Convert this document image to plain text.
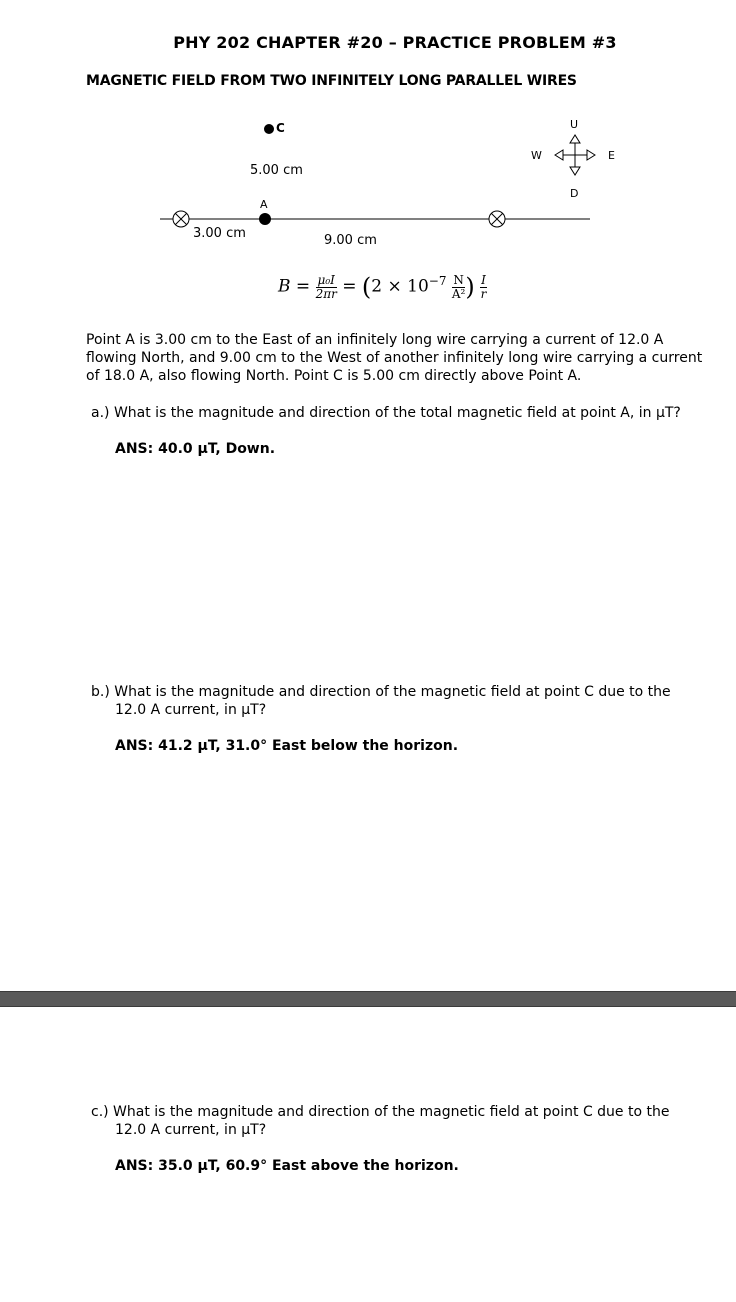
PHY 202 CHAPTER #20 – PRACTICE PROBLEM #3
MAGNETIC FIELD FROM TWO INFINITELY LONG PARALLEL WIRES
C
5.00 cm
A
3.00 cm	9.00 cm
U
D
W	E
$B = \frac{\text{μ₀I}}{2\pi r} = (2 \times 10^{-7} \frac{N}{\text{A²}}$ ) $\frac{I}{r}$
Point A is 3.00 cm to the East of an infinitely long wire carrying a current of 12.0 A flowing North, and 9.00 cm to the West of another infinitely long wire carrying a current of 18.0 A, also flowing North. Point C is 5.00 cm directly above Point A.
a.) What is the magnitude and direction of the total magnetic field at point A, in μT?
ANS: 40.0 μT, Down.
b.) What is the magnitude and direction of the magnetic field at point C due to the
12.0 A current, in μT?
ANS: 41.2 μT, 31.0° East below the horizon.
c.) What is the magnitude and direction of the magnetic field at point C due to the
12.0 A current, in μT?
ANS: 35.0 μT, 60.9° East above the horizon.
